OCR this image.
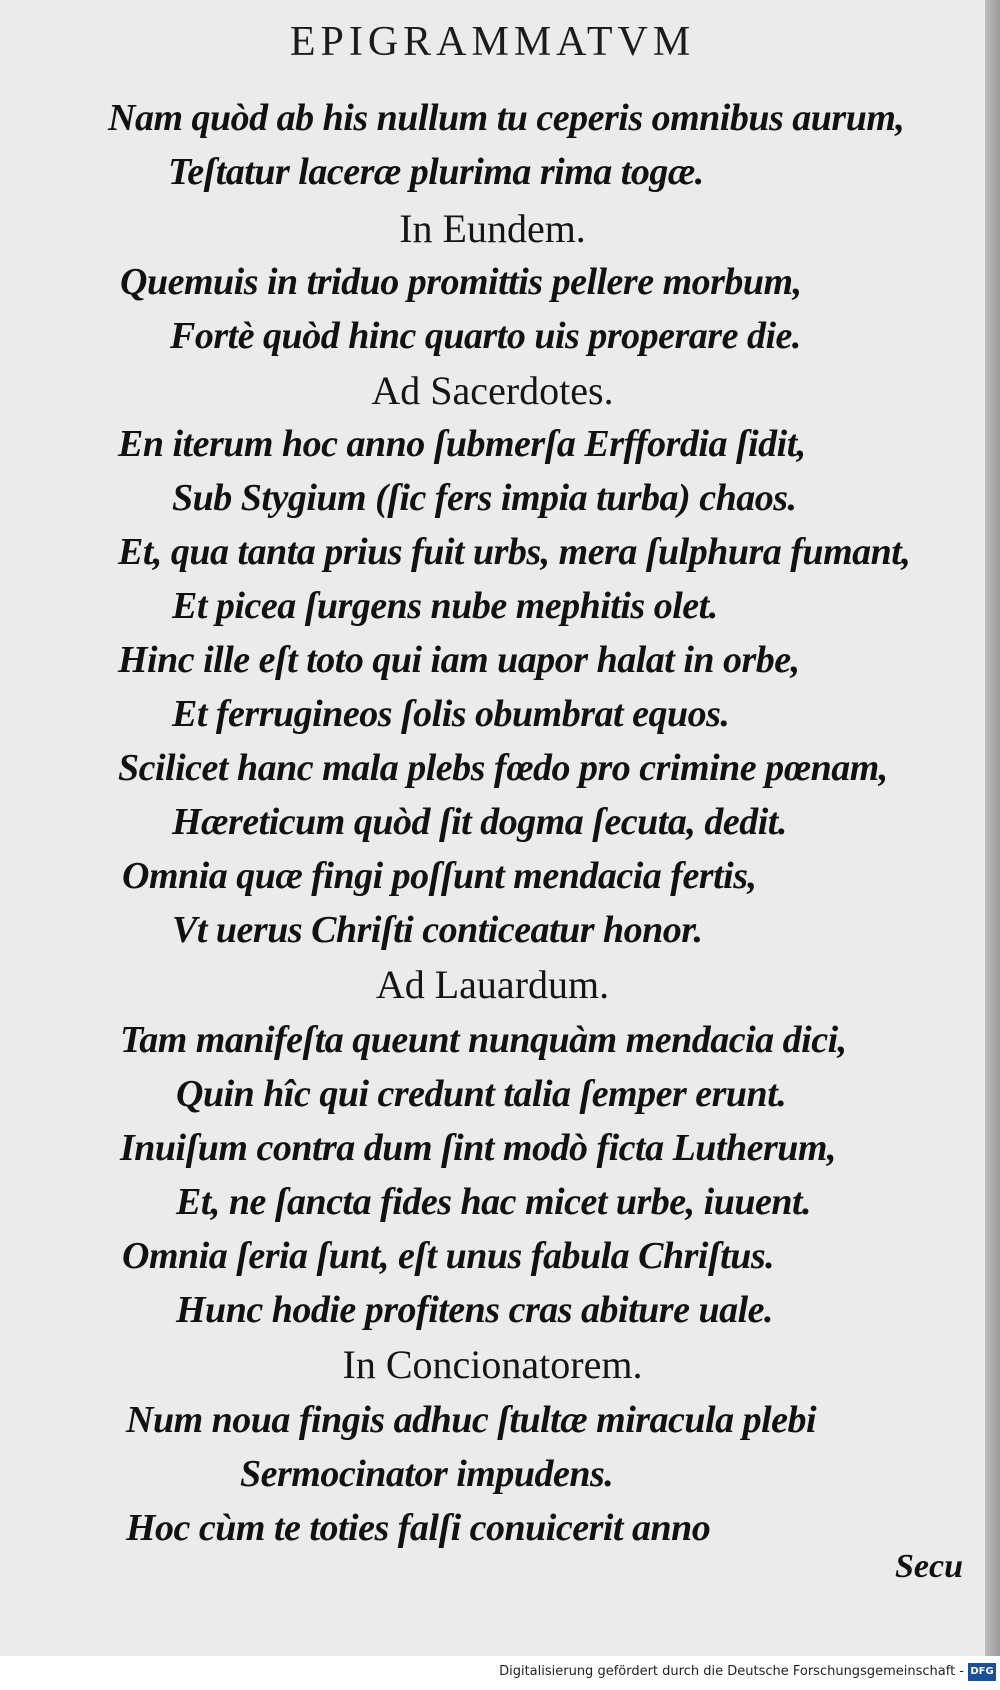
EPIGRAMMATVM
Nam quòd ab his nullum tu ceperis omnibus aurum,
Teſtatur laceræ plurima rima togæ.
In Eundem.
Quemuis in triduo promittis pellere morbum,
Fortè quòd hinc quarto uis properare die.
Ad Sacerdotes.
En iterum hoc anno ſubmerſa Erffordia ſidit,
Sub Stygium (ſic fers impia turba) chaos.
Et, qua tanta prius fuit urbs, mera ſulphura fumant,
Et picea ſurgens nube mephitis olet.
Hinc ille eſt toto qui iam uapor halat in orbe,
Et ferrugineos ſolis obumbrat equos.
Scilicet hanc mala plebs fœdo pro crimine pœnam,
Hæreticum quòd ſit dogma ſecuta, dedit.
Omnia quæ fingi poſſunt mendacia fertis,
Vt uerus Chriſti conticeatur honor.
Ad Lauardum.
Tam manifeſta queunt nunquàm mendacia dici,
Quin hîc qui credunt talia ſemper erunt.
Inuiſum contra dum ſint modò ficta Lutherum,
Et, ne ſancta fides hac micet urbe, iuuent.
Omnia ſeria ſunt, eſt unus fabula Chriſtus.
Hunc hodie profitens cras abiture uale.
In Concionatorem.
Num noua fingis adhuc ſtultæ miracula plebi
Sermocinator impudens.
Hoc cùm te toties falſi conuicerit anno
Secu
Digitalisierung gefördert durch die Deutsche Forschungsgemeinschaft - DFG
